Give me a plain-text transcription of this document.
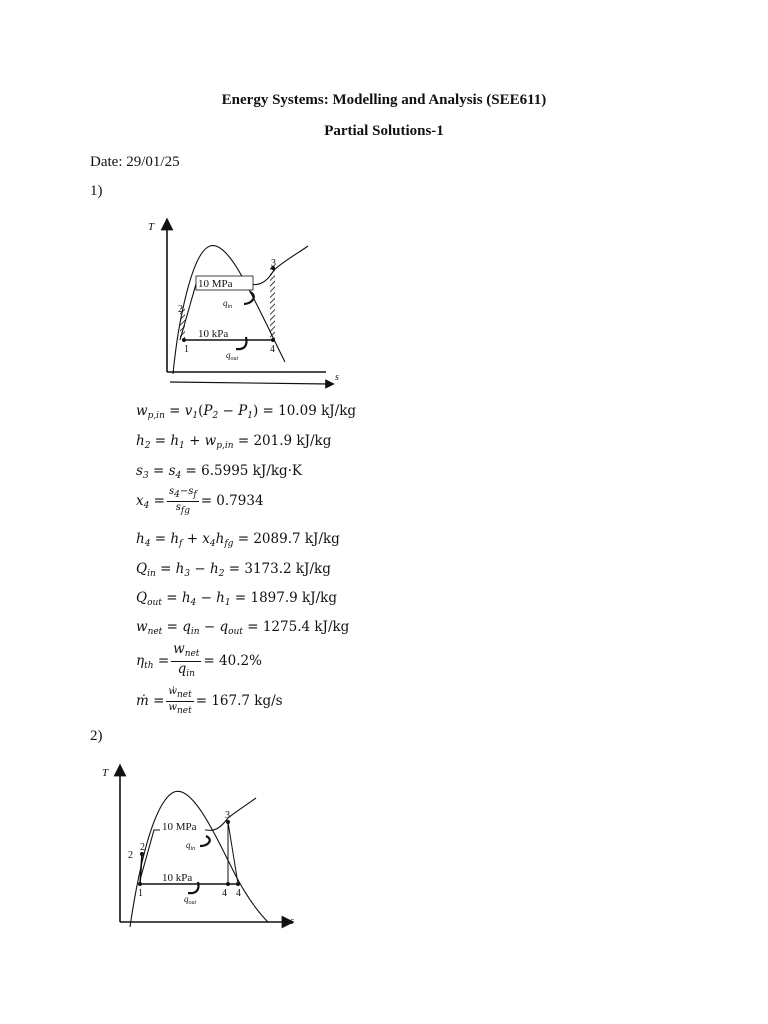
Energy Systems: Modelling and Analysis (SEE611)
Partial Solutions-1
Date: 29/01/25
1)
T
s
10 MPa
10 kPa
$q_{in}$
$q_{out}$
1
2
3
4
$w_{p,in} = v_1(P_2 - P_1) = 10.09$ kJ/kg
$h_2 = h_1 + w_{p,in} = 201.9$ kJ/kg
$s_3 = s_4 = 6.5995$ kJ/kg·K
$x_4 = \frac{s_4-s_f}{s_{fg}} = 0.7934$
$h_4 = h_f + x_4h_{fg} = 2089.7$ kJ/kg
$Q_{in} = h_3 - h_2 = 3173.2$ kJ/kg
$Q_{out} = h_4 - h_1 = 1897.9$ kJ/kg
$w_{net} = q_{in} - q_{out} = 1275.4$ kJ/kg
$\eta_{th} = \frac{w_{net}}{q_{in}} = 40.2\%$
ṁ = $\frac{ẇ_{net}}{w_{net}} = 167.7$ kg/s
2)
T
s
10 MPa
10 kPa
$q_{in}$
$q_{out}$
1
2
2
3
4 4
